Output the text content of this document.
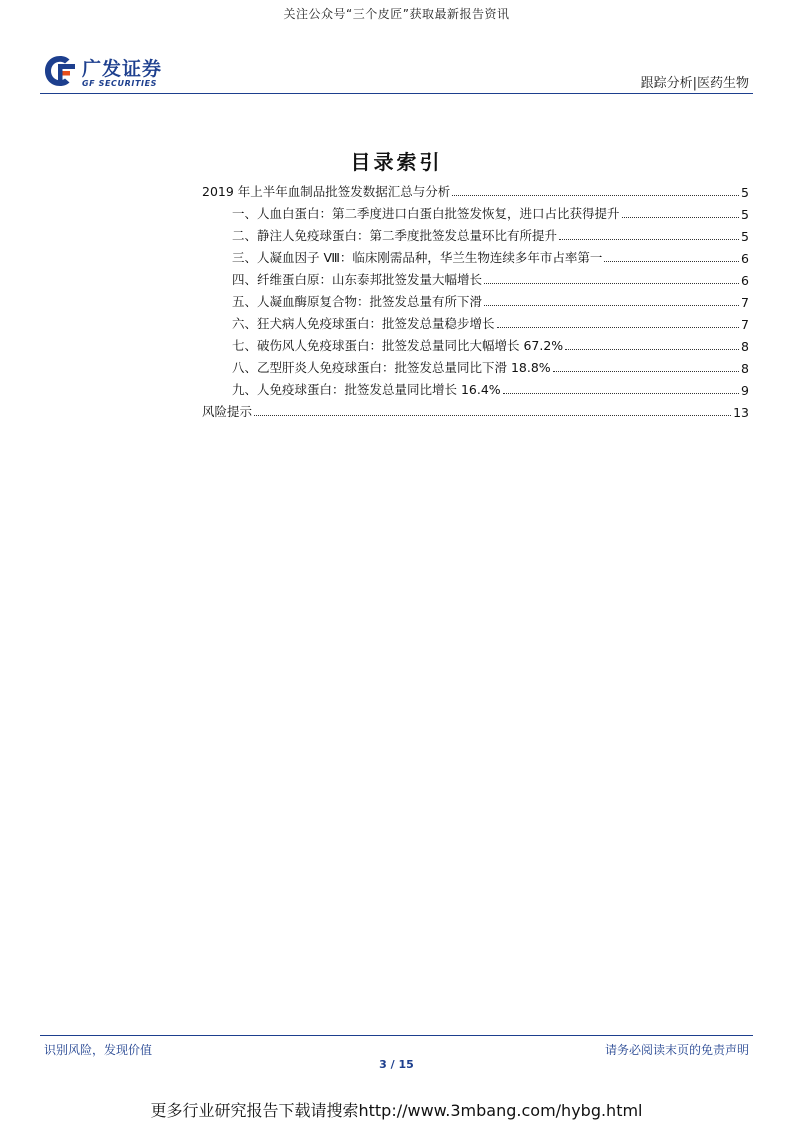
关注公众号“三个皮匠”获取最新报告资讯
广发证券
GF SECURITIES	跟踪分析|医药生物
目录索引
2019 年上半年血制品批签发数据汇总与分析	5
一、人血白蛋白：第二季度进口白蛋白批签发恢复，进口占比获得提升	5
二、静注人免疫球蛋白：第二季度批签发总量环比有所提升	5
三、人凝血因子 Ⅷ：临床刚需品种，华兰生物连续多年市占率第一	6
四、纤维蛋白原：山东泰邦批签发量大幅增长	6
五、人凝血酶原复合物：批签发总量有所下滑	7
六、狂犬病人免疫球蛋白：批签发总量稳步增长	7
七、破伤风人免疫球蛋白：批签发总量同比大幅增长 67.2%	8
八、乙型肝炎人免疫球蛋白：批签发总量同比下滑 18.8%	8
九、人免疫球蛋白：批签发总量同比增长 16.4%	9
风险提示	13
识别风险，发现价值	请务必阅读末页的免责声明
3 / 15
更多行业研究报告下载请搜索http://www.3mbang.com/hybg.html
